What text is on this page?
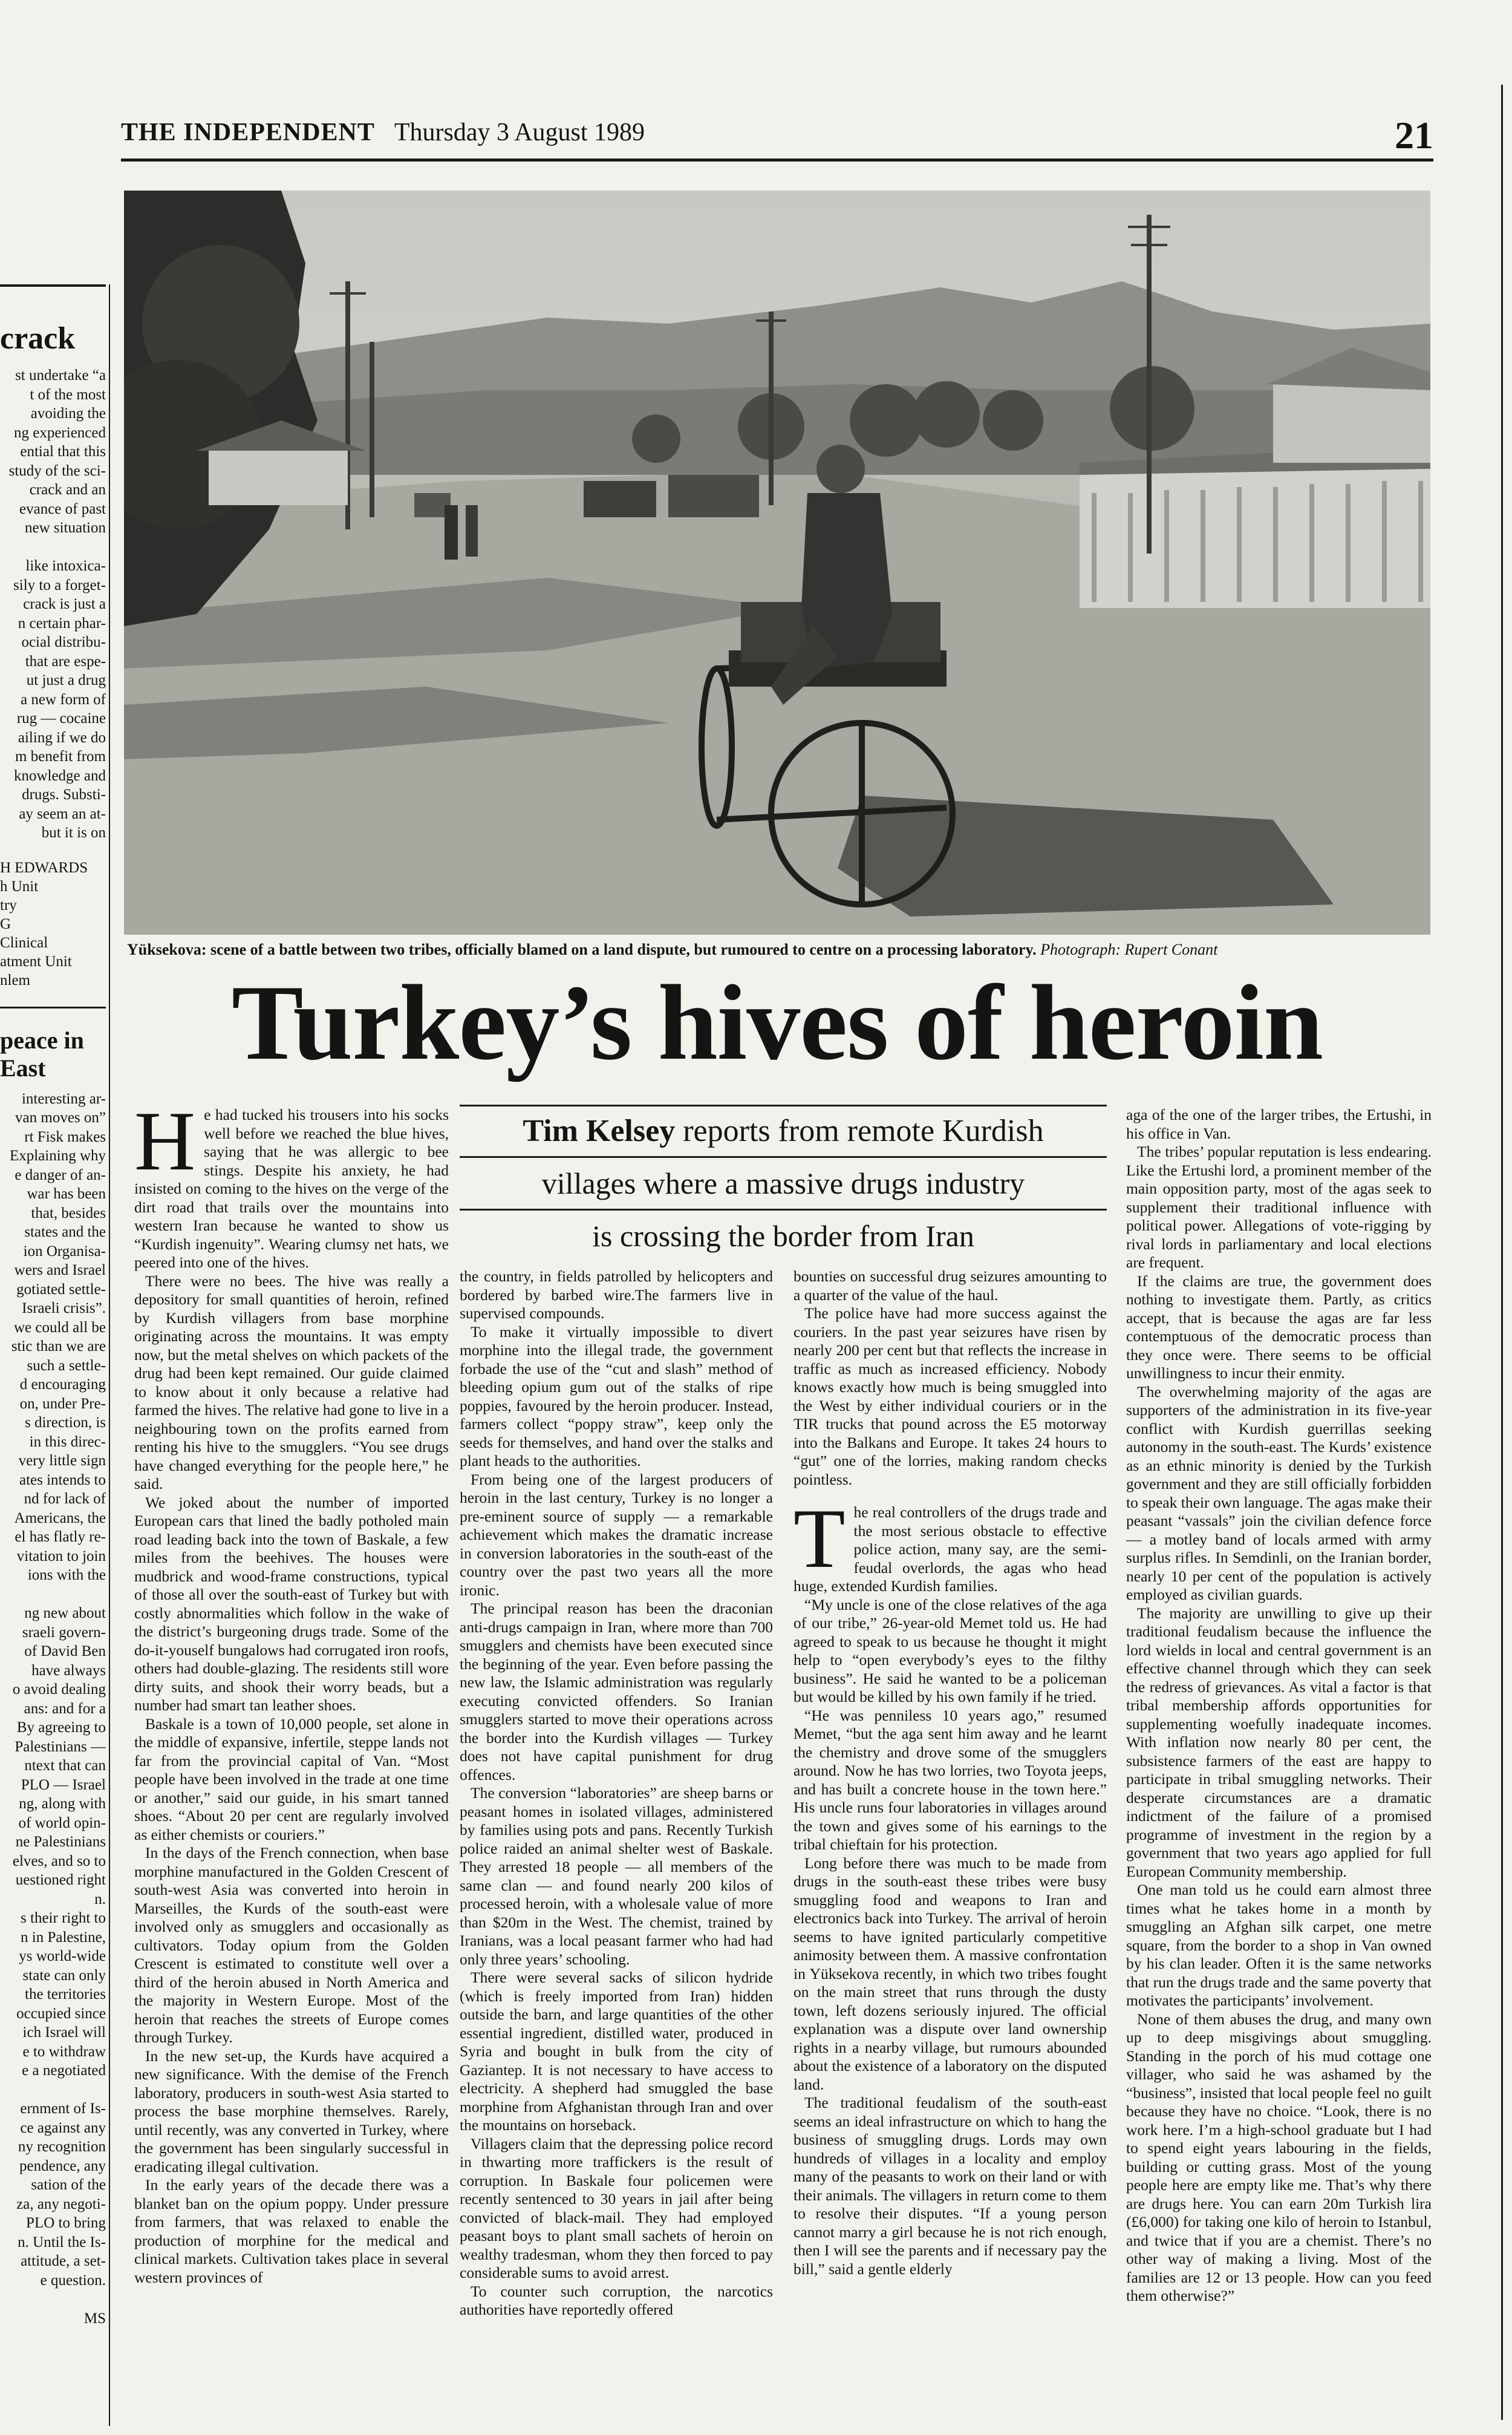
THE INDEPENDENT Thursday 3 August 1989	21
crack

st undertake “a

t of the most

avoiding the

ng experienced

ential that this

study of the sci-

crack and an

evance of past

new situation

like intoxica-

sily to a forget-

crack is just a

n certain phar-

ocial distribu-

that are espe-

ut just a drug

a new form of

rug — cocaine

ailing if we do

m benefit from

knowledge and

drugs. Substi-

ay seem an at-

but it is on

H EDWARDS

h Unit

try

G

Clinical

atment Unit

nlem

peace in
East

interesting ar-

van moves on”

rt Fisk makes

Explaining why

e danger of an-

war has been

that, besides

states and the

ion Organisa-

wers and Israel

gotiated settle-

Israeli crisis”.

we could all be

stic than we are

such a settle-

d encouraging

on, under Pre-

s direction, is

in this direc-

very little sign

ates intends to

nd for lack of

Americans, the

el has flatly re-

vitation to join

ions with the

ng new about

sraeli govern-

of David Ben

have always

o avoid dealing

ans: and for a

By agreeing to

Palestinians —

ntext that can

PLO — Israel

ng, along with

of world opin-

ne Palestinians

elves, and so to

uestioned right

n.

s their right to

n in Palestine,

ys world-wide

state can only

the territories

occupied since

ich Israel will

e to withdraw

e a negotiated

ernment of Is-

ce against any

ny recognition

pendence, any

sation of the

za, any negoti-

PLO to bring

n. Until the Is-

attitude, a set-

e question.

MS

Yüksekova: scene of a battle between two tribes, officially blamed on a land dispute, but rumoured to centre on a processing laboratory. Photograph: Rupert Conant
Turkey’s hives of heroin
Tim Kelsey reports from remote Kurdish
villages where a massive drugs industry
is crossing the border from Iran

He had tucked his trousers into his socks well before we reached the blue hives, saying that he was allergic to bee stings. Despite his anxiety, he had insisted on coming to the hives on the verge of the dirt road that trails over the mountains into western Iran because he wanted to show us “Kurdish ingenuity”. Wearing clumsy net hats, we peered into one of the hives.

There were no bees. The hive was really a depository for small quantities of heroin, refined by Kurdish villagers from base morphine originating across the mountains. It was empty now, but the metal shelves on which packets of the drug had been kept remained. Our guide claimed to know about it only because a relative had farmed the hives. The relative had gone to live in a neighbouring town on the profits earned from renting his hive to the smugglers. “You see drugs have changed everything for the people here,” he said.

We joked about the number of imported European cars that lined the badly potholed main road leading back into the town of Baskale, a few miles from the beehives. The houses were mudbrick and wood-frame constructions, typical of those all over the south-east of Turkey but with costly abnormalities which follow in the wake of the district’s burgeoning drugs trade. Some of the do-it-youself bungalows had corrugated iron roofs, others had double-glazing. The residents still wore dirty suits, and shook their worry beads, but a number had smart tan leather shoes.

Baskale is a town of 10,000 people, set alone in the middle of expansive, infertile, steppe lands not far from the provincial capital of Van. “Most people have been involved in the trade at one time or another,” said our guide, in his smart tanned shoes. “About 20 per cent are regularly involved as either chemists or couriers.”

In the days of the French connection, when base morphine manufactured in the Golden Crescent of south-west Asia was converted into heroin in Marseilles, the Kurds of the south-east were involved only as smugglers and occasionally as cultivators. Today opium from the Golden Crescent is estimated to constitute well over a third of the heroin abused in North America and the majority in Western Europe. Most of the heroin that reaches the streets of Europe comes through Turkey.

In the new set-up, the Kurds have acquired a new significance. With the demise of the French laboratory, producers in south-west Asia started to process the base morphine themselves. Rarely, until recently, was any converted in Turkey, where the government has been singularly successful in eradicating illegal cultivation.

In the early years of the decade there was a blanket ban on the opium poppy. Under pressure from farmers, that was relaxed to enable the production of morphine for the medical and clinical markets. Cultivation takes place in several western provinces of

the country, in fields patrolled by helicopters and bordered by barbed wire.The farmers live in supervised compounds.

To make it virtually impossible to divert morphine into the illegal trade, the government forbade the use of the “cut and slash” method of bleeding opium gum out of the stalks of ripe poppies, favoured by the heroin producer. Instead, farmers collect “poppy straw”, keep only the seeds for themselves, and hand over the stalks and plant heads to the authorities.

From being one of the largest producers of heroin in the last century, Turkey is no longer a pre-eminent source of supply — a remarkable achievement which makes the dramatic increase in conversion laboratories in the south-east of the country over the past two years all the more ironic.

The principal reason has been the draconian anti-drugs campaign in Iran, where more than 700 smugglers and chemists have been executed since the beginning of the year. Even before passing the new law, the Islamic administration was regularly executing convicted offenders. So Iranian smugglers started to move their operations across the border into the Kurdish villages — Turkey does not have capital punishment for drug offences.

The conversion “laboratories” are sheep barns or peasant homes in isolated villages, administered by families using pots and pans. Recently Turkish police raided an animal shelter west of Baskale. They arrested 18 people — all members of the same clan — and found nearly 200 kilos of processed heroin, with a wholesale value of more than $20m in the West. The chemist, trained by Iranians, was a local peasant farmer who had had only three years’ schooling.

There were several sacks of silicon hydride (which is freely imported from Iran) hidden outside the barn, and large quantities of the other essential ingredient, distilled water, produced in Syria and bought in bulk from the city of Gaziantep. It is not necessary to have access to electricity. A shepherd had smuggled the base morphine from Afghanistan through Iran and over the mountains on horseback.

Villagers claim that the depressing police record in thwarting more traffickers is the result of corruption. In Baskale four policemen were recently sentenced to 30 years in jail after being convicted of black-mail. They had employed peasant boys to plant small sachets of heroin on wealthy tradesman, whom they then forced to pay considerable sums to avoid arrest.

To counter such corruption, the narcotics authorities have reportedly offered

bounties on successful drug seizures amounting to a quarter of the value of the haul.

The police have had more success against the couriers. In the past year seizures have risen by nearly 200 per cent but that reflects the increase in traffic as much as increased efficiency. Nobody knows exactly how much is being smuggled into the West by either individual couriers or in the TIR trucks that pound across the E5 motorway into the Balkans and Europe. It takes 24 hours to “gut” one of the lorries, making random checks pointless.

The real controllers of the drugs trade and the most serious obstacle to effective police action, many say, are the semi-feudal overlords, the agas who head huge, extended Kurdish families.

“My uncle is one of the close relatives of the aga of our tribe,” 26-year-old Memet told us. He had agreed to speak to us because he thought it might help to “open everybody’s eyes to the filthy business”. He said he wanted to be a policeman but would be killed by his own family if he tried.

“He was penniless 10 years ago,” resumed Memet, “but the aga sent him away and he learnt the chemistry and drove some of the smugglers around. Now he has two lorries, two Toyota jeeps, and has built a concrete house in the town here.” His uncle runs four laboratories in villages around the town and gives some of his earnings to the tribal chieftain for his protection.

Long before there was much to be made from drugs in the south-east these tribes were busy smuggling food and weapons to Iran and electronics back into Turkey. The arrival of heroin seems to have ignited particularly competitive animosity between them. A massive confrontation in Yüksekova recently, in which two tribes fought on the main street that runs through the dusty town, left dozens seriously injured. The official explanation was a dispute over land ownership rights in a nearby village, but rumours abounded about the existence of a laboratory on the disputed land.

The traditional feudalism of the south-east seems an ideal infrastructure on which to hang the business of smuggling drugs. Lords may own hundreds of villages in a locality and employ many of the peasants to work on their land or with their animals. The villagers in return come to them to resolve their disputes. “If a young person cannot marry a girl because he is not rich enough, then I will see the parents and if necessary pay the bill,” said a gentle elderly

aga of the one of the larger tribes, the Ertushi, in his office in Van.

The tribes’ popular reputation is less endearing. Like the Ertushi lord, a prominent member of the main opposition party, most of the agas seek to supplement their traditional influence with political power. Allegations of vote-rigging by rival lords in parliamentary and local elections are frequent.

If the claims are true, the government does nothing to investigate them. Partly, as critics accept, that is because the agas are far less contemptuous of the democratic process than they once were. There seems to be official unwillingness to incur their enmity.

The overwhelming majority of the agas are supporters of the administration in its five-year conflict with Kurdish guerrillas seeking autonomy in the south-east. The Kurds’ existence as an ethnic minority is denied by the Turkish government and they are still officially forbidden to speak their own language. The agas make their peasant “vassals” join the civilian defence force — a motley band of locals armed with army surplus rifles. In Semdinli, on the Iranian border, nearly 10 per cent of the population is actively employed as civilian guards.

The majority are unwilling to give up their traditional feudalism because the influence the lord wields in local and central government is an effective channel through which they can seek the redress of grievances. As vital a factor is that tribal membership affords opportunities for supplementing woefully inadequate incomes. With inflation now nearly 80 per cent, the subsistence farmers of the east are happy to participate in tribal smuggling networks. Their desperate circumstances are a dramatic indictment of the failure of a promised programme of investment in the region by a government that two years ago applied for full European Community membership.

One man told us he could earn almost three times what he takes home in a month by smuggling an Afghan silk carpet, one metre square, from the border to a shop in Van owned by his clan leader. Often it is the same networks that run the drugs trade and the same poverty that motivates the participants’ involvement.

None of them abuses the drug, and many own up to deep misgivings about smuggling. Standing in the porch of his mud cottage one villager, who said he was ashamed by the “business”, insisted that local people feel no guilt because they have no choice. “Look, there is no work here. I’m a high-school graduate but I had to spend eight years labouring in the fields, building or cutting grass. Most of the young people here are empty like me. That’s why there are drugs here. You can earn 20m Turkish lira (£6,000) for taking one kilo of heroin to Istanbul, and twice that if you are a chemist. There’s no other way of making a living. Most of the families are 12 or 13 people. How can you feed them otherwise?”
